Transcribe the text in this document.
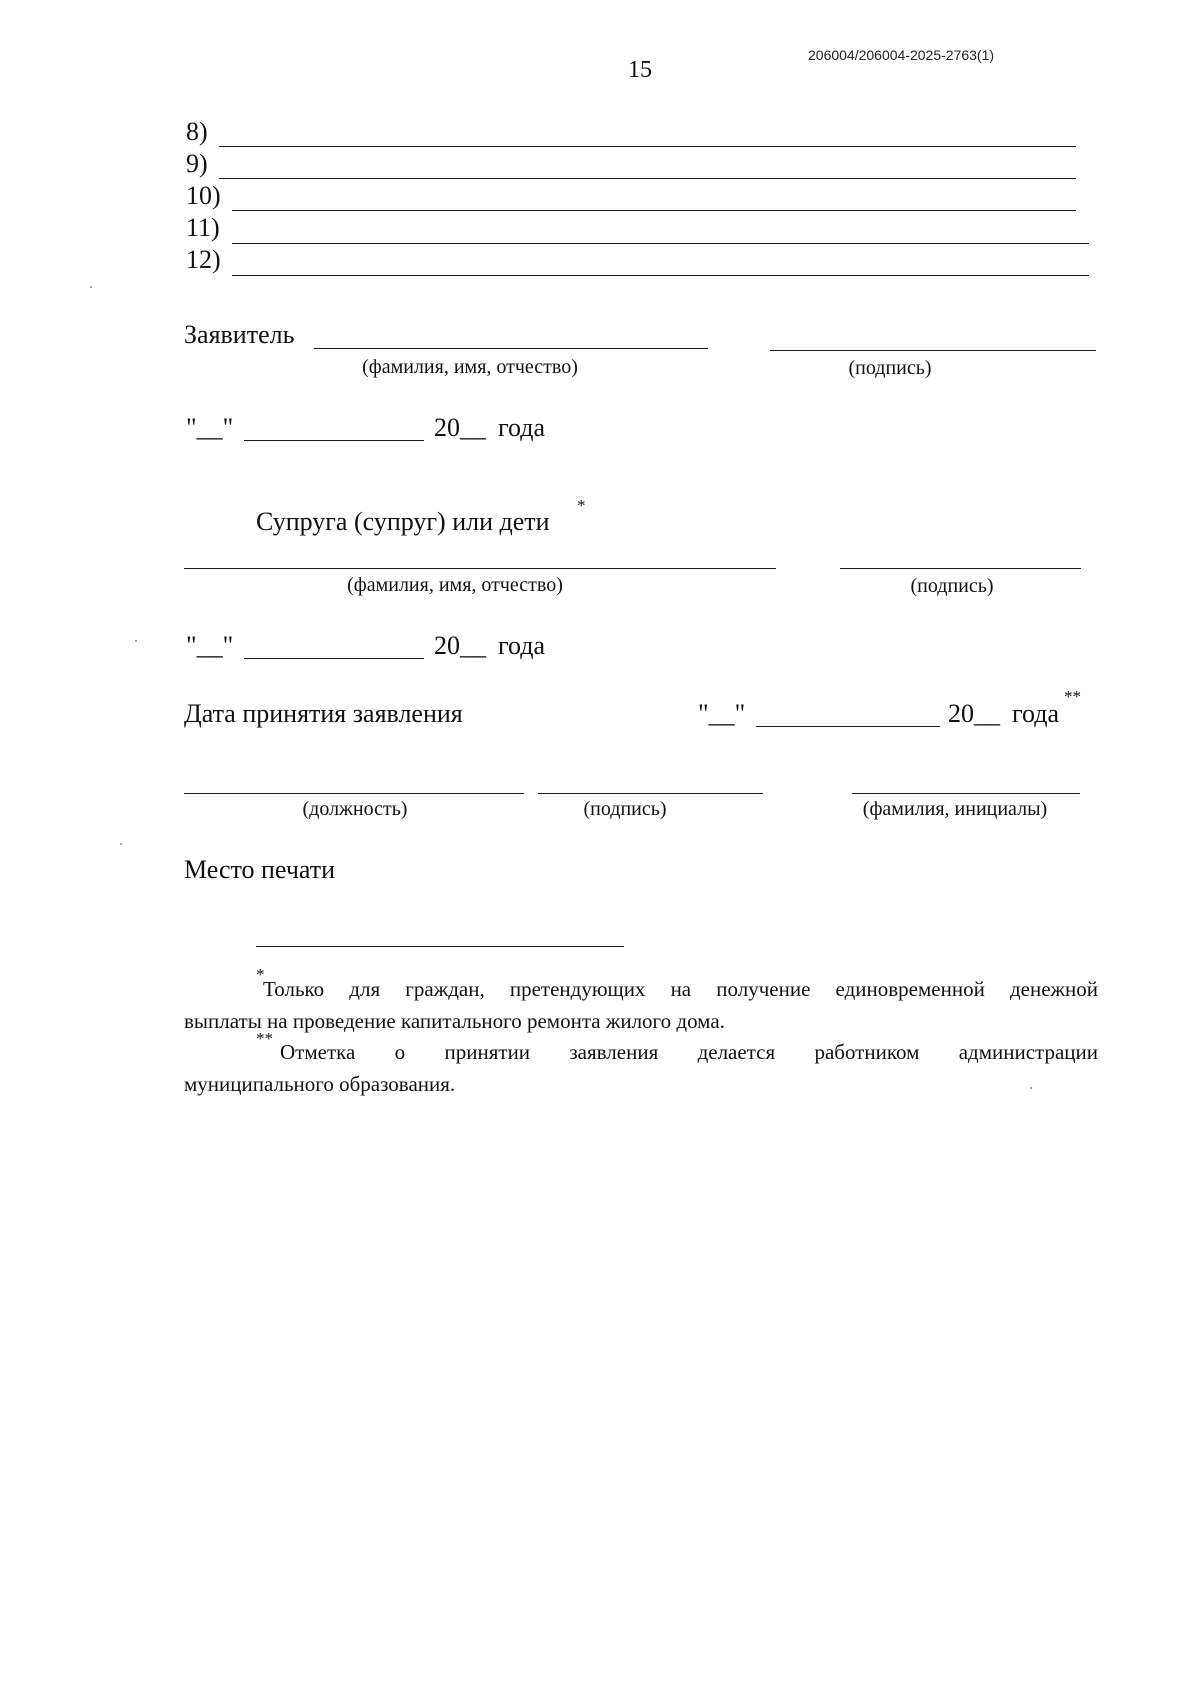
15
206004/206004-2025-2763(1)
8)
9)
10)
11)
12)
Заявитель
(фамилия, имя, отчество)	(подпись)
"__"	20__ года
Супруга (супруг) или дети
*
(фамилия, имя, отчество)	(подпись)
"__"	20__ года
Дата принятия заявления	"__"	20__ года
**
(должность)	(подпись)	(фамилия, инициалы)
Место печати
*
Только для граждан, претендующих на получение единовременной денежной
выплаты на проведение капитального ремонта жилого дома.
**
Отметка о принятии заявления делается работником администрации
муниципального образования.
